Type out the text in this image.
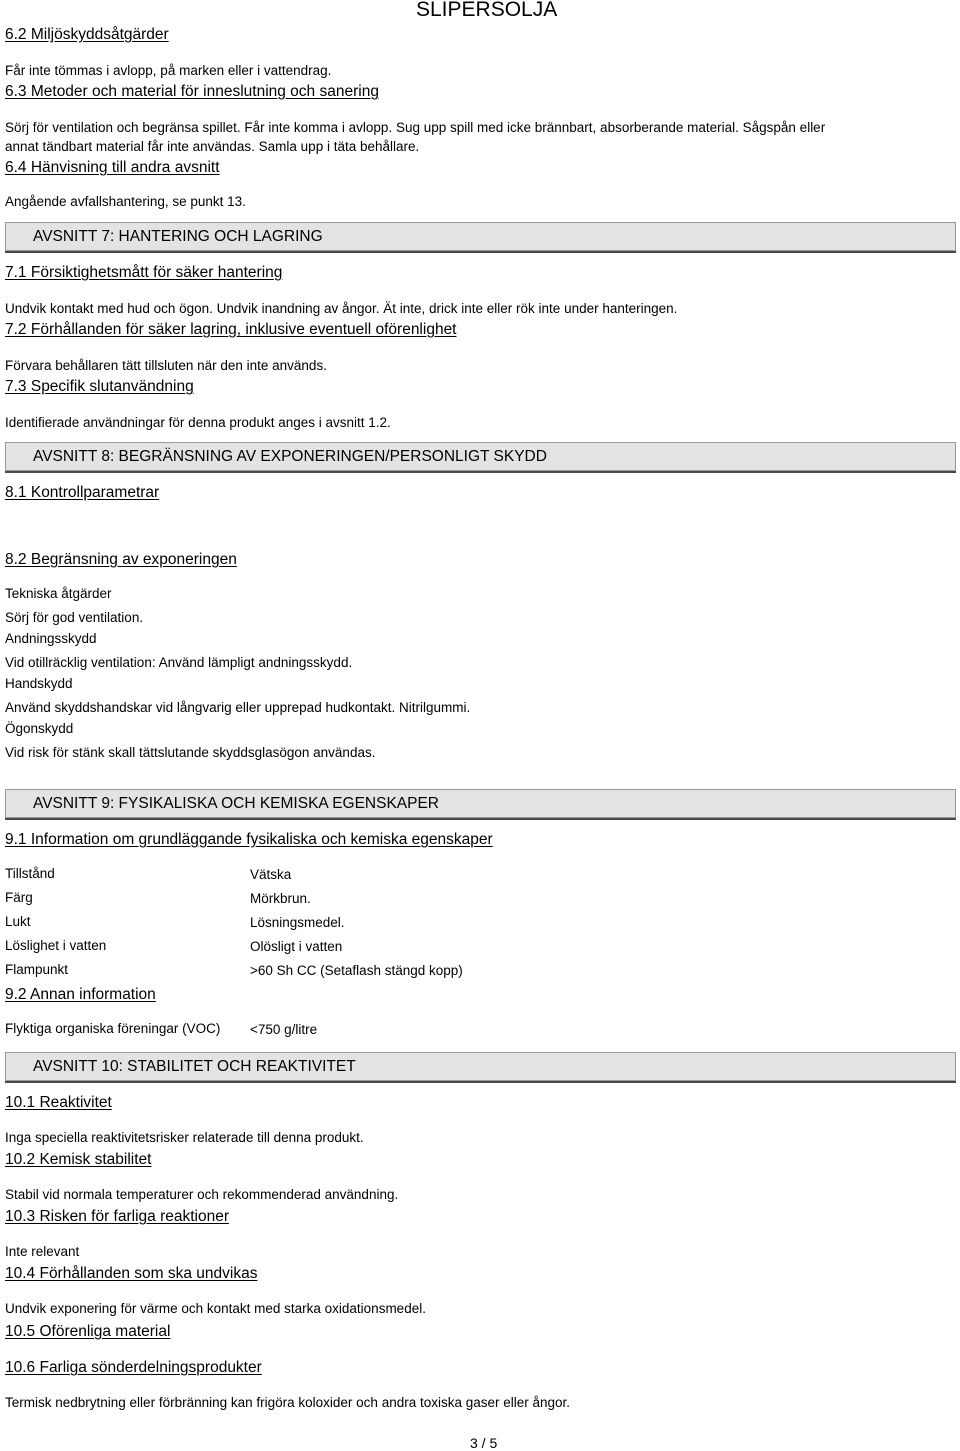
SLIPERSOLJA
6.2 Miljöskyddsåtgärder
Får inte tömmas i avlopp, på marken eller i vattendrag.
6.3 Metoder och material för inneslutning och sanering
Sörj för ventilation och begränsa spillet. Får inte komma i avlopp. Sug upp spill med icke brännbart, absorberande material. Sågspån eller
annat tändbart material får inte användas. Samla upp i täta behållare.
6.4 Hänvisning till andra avsnitt
Angående avfallshantering, se punkt 13.
AVSNITT 7: HANTERING OCH LAGRING
7.1 Försiktighetsmått för säker hantering
Undvik kontakt med hud och ögon. Undvik inandning av ångor. Ät inte, drick inte eller rök inte under hanteringen.
7.2 Förhållanden för säker lagring, inklusive eventuell oförenlighet
Förvara behållaren tätt tillsluten när den inte används.
7.3 Specifik slutanvändning
Identifierade användningar för denna produkt anges i avsnitt 1.2.
AVSNITT 8: BEGRÄNSNING AV EXPONERINGEN/PERSONLIGT SKYDD
8.1 Kontrollparametrar
8.2 Begränsning av exponeringen
Tekniska åtgärder
Sörj för god ventilation.
Andningsskydd
Vid otillräcklig ventilation: Använd lämpligt andningsskydd.
Handskydd
Använd skyddshandskar vid långvarig eller upprepad hudkontakt. Nitrilgummi.
Ögonskydd
Vid risk för stänk skall tättslutande skyddsglasögon användas.
AVSNITT 9: FYSIKALISKA OCH KEMISKA EGENSKAPER
9.1 Information om grundläggande fysikaliska och kemiska egenskaper
Tillstånd	Vätska
Färg	Mörkbrun.
Lukt	Lösningsmedel.
Löslighet i vatten	Olösligt i vatten
Flampunkt	>60 Sh CC (Setaflash stängd kopp)
9.2 Annan information
Flyktiga organiska föreningar (VOC) <750 g/litre
AVSNITT 10: STABILITET OCH REAKTIVITET
10.1 Reaktivitet
Inga speciella reaktivitetsrisker relaterade till denna produkt.
10.2 Kemisk stabilitet
Stabil vid normala temperaturer och rekommenderad användning.
10.3 Risken för farliga reaktioner
Inte relevant
10.4 Förhållanden som ska undvikas
Undvik exponering för värme och kontakt med starka oxidationsmedel.
10.5 Oförenliga material
10.6 Farliga sönderdelningsprodukter
Termisk nedbrytning eller förbränning kan frigöra koloxider och andra toxiska gaser eller ångor.
3 / 5
